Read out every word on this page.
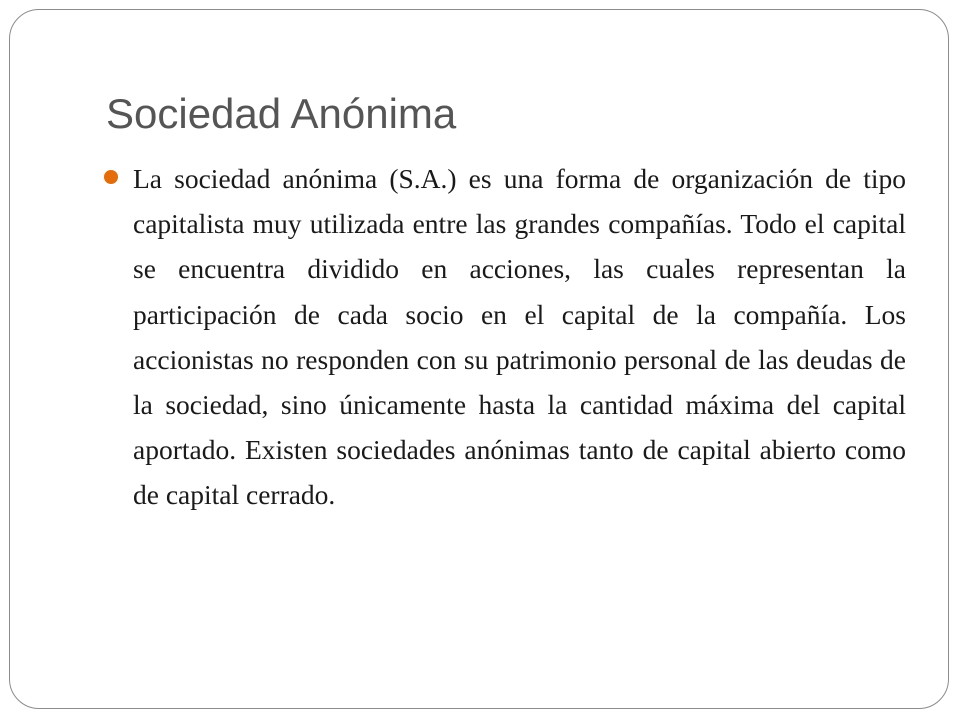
Sociedad Anónima

La sociedad anónima (S.A.) es una forma de organización de tipo capitalista muy utilizada entre las grandes compañías. Todo el capital se encuentra dividido en acciones, las cuales representan la participación de cada socio en el capital de la compañía. Los accionistas no responden con su patrimonio personal de las deudas de la sociedad, sino únicamente hasta la cantidad máxima del capital aportado. Existen sociedades anónimas tanto de capital abierto como de capital cerrado.
